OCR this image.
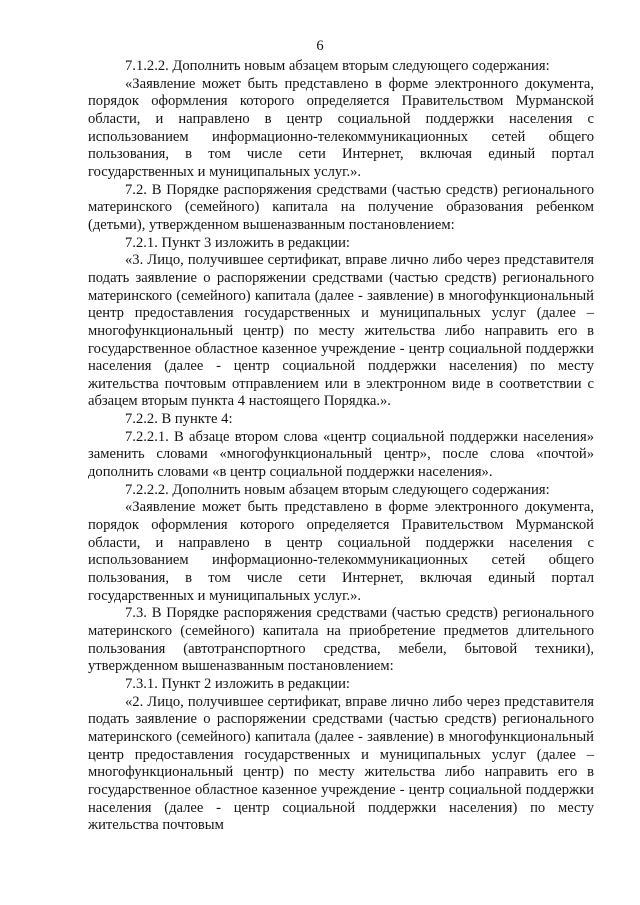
6

7.1.2.2. Дополнить новым абзацем вторым следующего содержания:

«Заявление может быть представлено в форме электронного документа, порядок оформления которого определяется Правительством Мурманской области, и направлено в центр социальной поддержки населения с использованием информационно-телекоммуникационных сетей общего пользования, в том числе сети Интернет, включая единый портал государственных и муниципальных услуг.».

7.2. В Порядке распоряжения средствами (частью средств) регионального материнского (семейного) капитала на получение образования ребенком (детьми), утвержденном вышеназванным постановлением:

7.2.1. Пункт 3 изложить в редакции:

«3. Лицо, получившее сертификат, вправе лично либо через представителя подать заявление о распоряжении средствами (частью средств) регионального материнского (семейного) капитала (далее - заявление) в многофункциональный центр предоставления государственных и муниципальных услуг (далее – многофункциональный центр) по месту жительства либо направить его в государственное областное казенное учреждение - центр социальной поддержки населения (далее - центр социальной поддержки населения) по месту жительства почтовым отправлением или в электронном виде в соответствии с абзацем вторым пункта 4 настоящего Порядка.».

7.2.2. В пункте 4:

7.2.2.1. В абзаце втором слова «центр социальной поддержки населения» заменить словами «многофункциональный центр», после слова «почтой» дополнить словами «в центр социальной поддержки населения».

7.2.2.2. Дополнить новым абзацем вторым следующего содержания:

«Заявление может быть представлено в форме электронного документа, порядок оформления которого определяется Правительством Мурманской области, и направлено в центр социальной поддержки населения с использованием информационно-телекоммуникационных сетей общего пользования, в том числе сети Интернет, включая единый портал государственных и муниципальных услуг.».

7.3. В Порядке распоряжения средствами (частью средств) регионального материнского (семейного) капитала на приобретение предметов длительного пользования (автотранспортного средства, мебели, бытовой техники), утвержденном вышеназванным постановлением:

7.3.1. Пункт 2 изложить в редакции:

«2. Лицо, получившее сертификат, вправе лично либо через представителя подать заявление о распоряжении средствами (частью средств) регионального материнского (семейного) капитала (далее - заявление) в многофункциональный центр предоставления государственных и муниципальных услуг (далее – многофункциональный центр) по месту жительства либо направить его в государственное областное казенное учреждение - центр социальной поддержки населения (далее - центр социальной поддержки населения) по месту жительства почтовым
